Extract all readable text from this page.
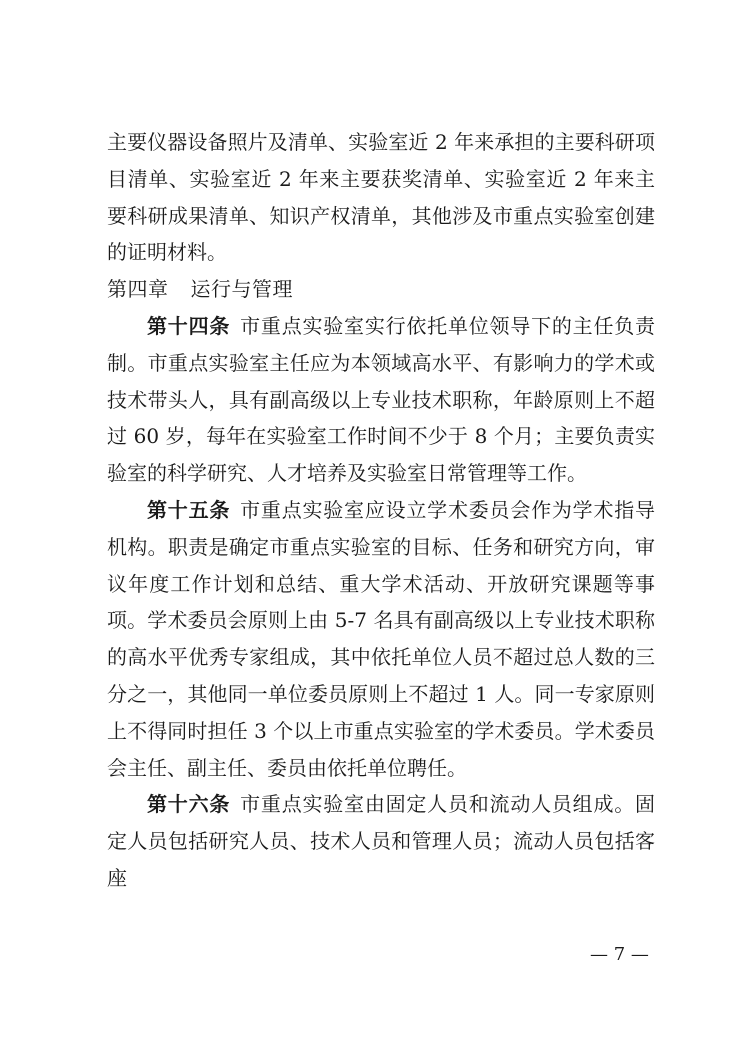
主要仪器设备照片及清单、实验室近 2 年来承担的主要科研项目清单、实验室近 2 年来主要获奖清单、实验室近 2 年来主要科研成果清单、知识产权清单，其他涉及市重点实验室创建的证明材料。

第四章 运行与管理

第十四条 市重点实验室实行依托单位领导下的主任负责制。市重点实验室主任应为本领域高水平、有影响力的学术或技术带头人，具有副高级以上专业技术职称，年龄原则上不超过 60 岁，每年在实验室工作时间不少于 8 个月；主要负责实验室的科学研究、人才培养及实验室日常管理等工作。

第十五条 市重点实验室应设立学术委员会作为学术指导机构。职责是确定市重点实验室的目标、任务和研究方向，审议年度工作计划和总结、重大学术活动、开放研究课题等事项。学术委员会原则上由 5-7 名具有副高级以上专业技术职称的高水平优秀专家组成，其中依托单位人员不超过总人数的三分之一，其他同一单位委员原则上不超过 1 人。同一专家原则上不得同时担任 3 个以上市重点实验室的学术委员。学术委员会主任、副主任、委员由依托单位聘任。

第十六条 市重点实验室由固定人员和流动人员组成。固定人员包括研究人员、技术人员和管理人员；流动人员包括客座

— 7 —
